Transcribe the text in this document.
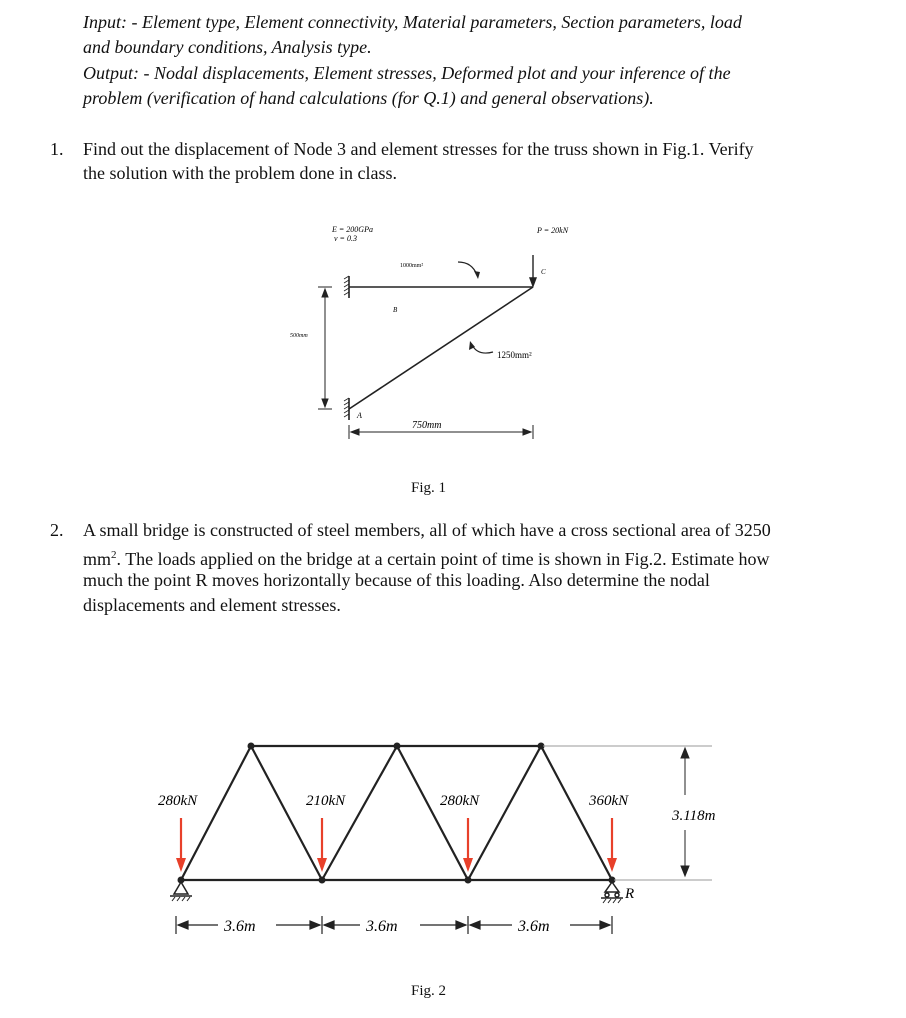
Input: - Element type, Element connectivity, Material parameters, Section parameters, load
and boundary conditions, Analysis type.
Output: - Nodal displacements, Element stresses, Deformed plot and your inference of the
problem (verification of hand calculations (for Q.1) and general observations).
1. Find out the displacement of Node 3 and element stresses for the truss shown in Fig.1. Verify
the solution with the problem done in class.
E = 200GPa
v = 0.3
P = 20kN
1000mm²
C
B
500mm
1250mm²
A
750mm
Fig. 1
2. A small bridge is constructed of steel members, all of which have a cross sectional area of 3250
$mm^2$. The loads applied on the bridge at a certain point of time is shown in Fig.2. Estimate how
much the point R moves horizontally because of this loading. Also determine the nodal
displacements and element stresses.
280kN	210kN	280kN	360kN
3.118m
R
3.6m	3.6m	3.6m
Fig. 2
